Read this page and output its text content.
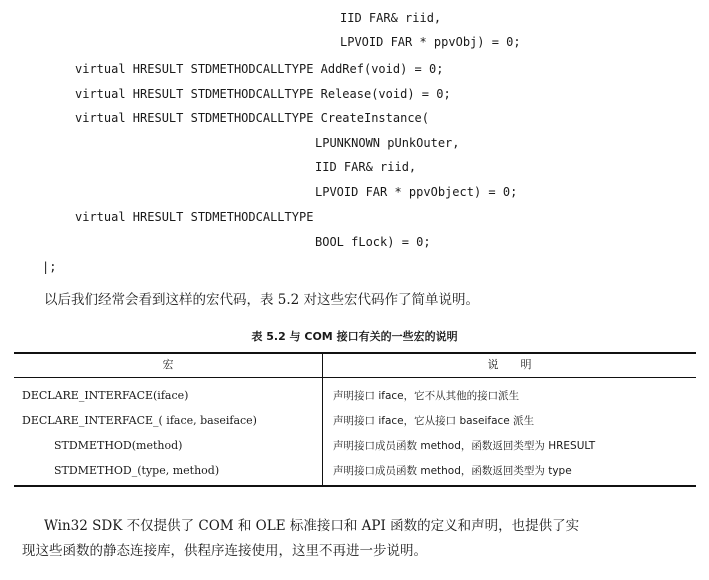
IID FAR& riid,
LPVOID FAR * ppvObj) = 0;
virtual HRESULT STDMETHODCALLTYPE AddRef(void) = 0;
virtual HRESULT STDMETHODCALLTYPE Release(void) = 0;
virtual HRESULT STDMETHODCALLTYPE CreateInstance(
LPUNKNOWN pUnkOuter,
IID FAR& riid,
LPVOID FAR * ppvObject) = 0;
virtual HRESULT STDMETHODCALLTYPE
BOOL fLock) = 0;
|;
以后我们经常会看到这样的宏代码，表 5.2 对这些宏代码作了简单说明。
表 5.2 与 COM 接口有关的一些宏的说明
宏	说　　明
DECLARE_INTERFACE(iface)	声明接口 iface，它不从其他的接口派生
DECLARE_INTERFACE_( iface, baseiface)	声明接口 iface，它从接口 baseiface 派生
STDMETHOD(method)	声明接口成员函数 method，函数返回类型为 HRESULT
STDMETHOD_(type, method)	声明接口成员函数 method，函数返回类型为 type
Win32 SDK 不仅提供了 COM 和 OLE 标准接口和 API 函数的定义和声明，也提供了实
现这些函数的静态连接库，供程序连接使用，这里不再进一步说明。
